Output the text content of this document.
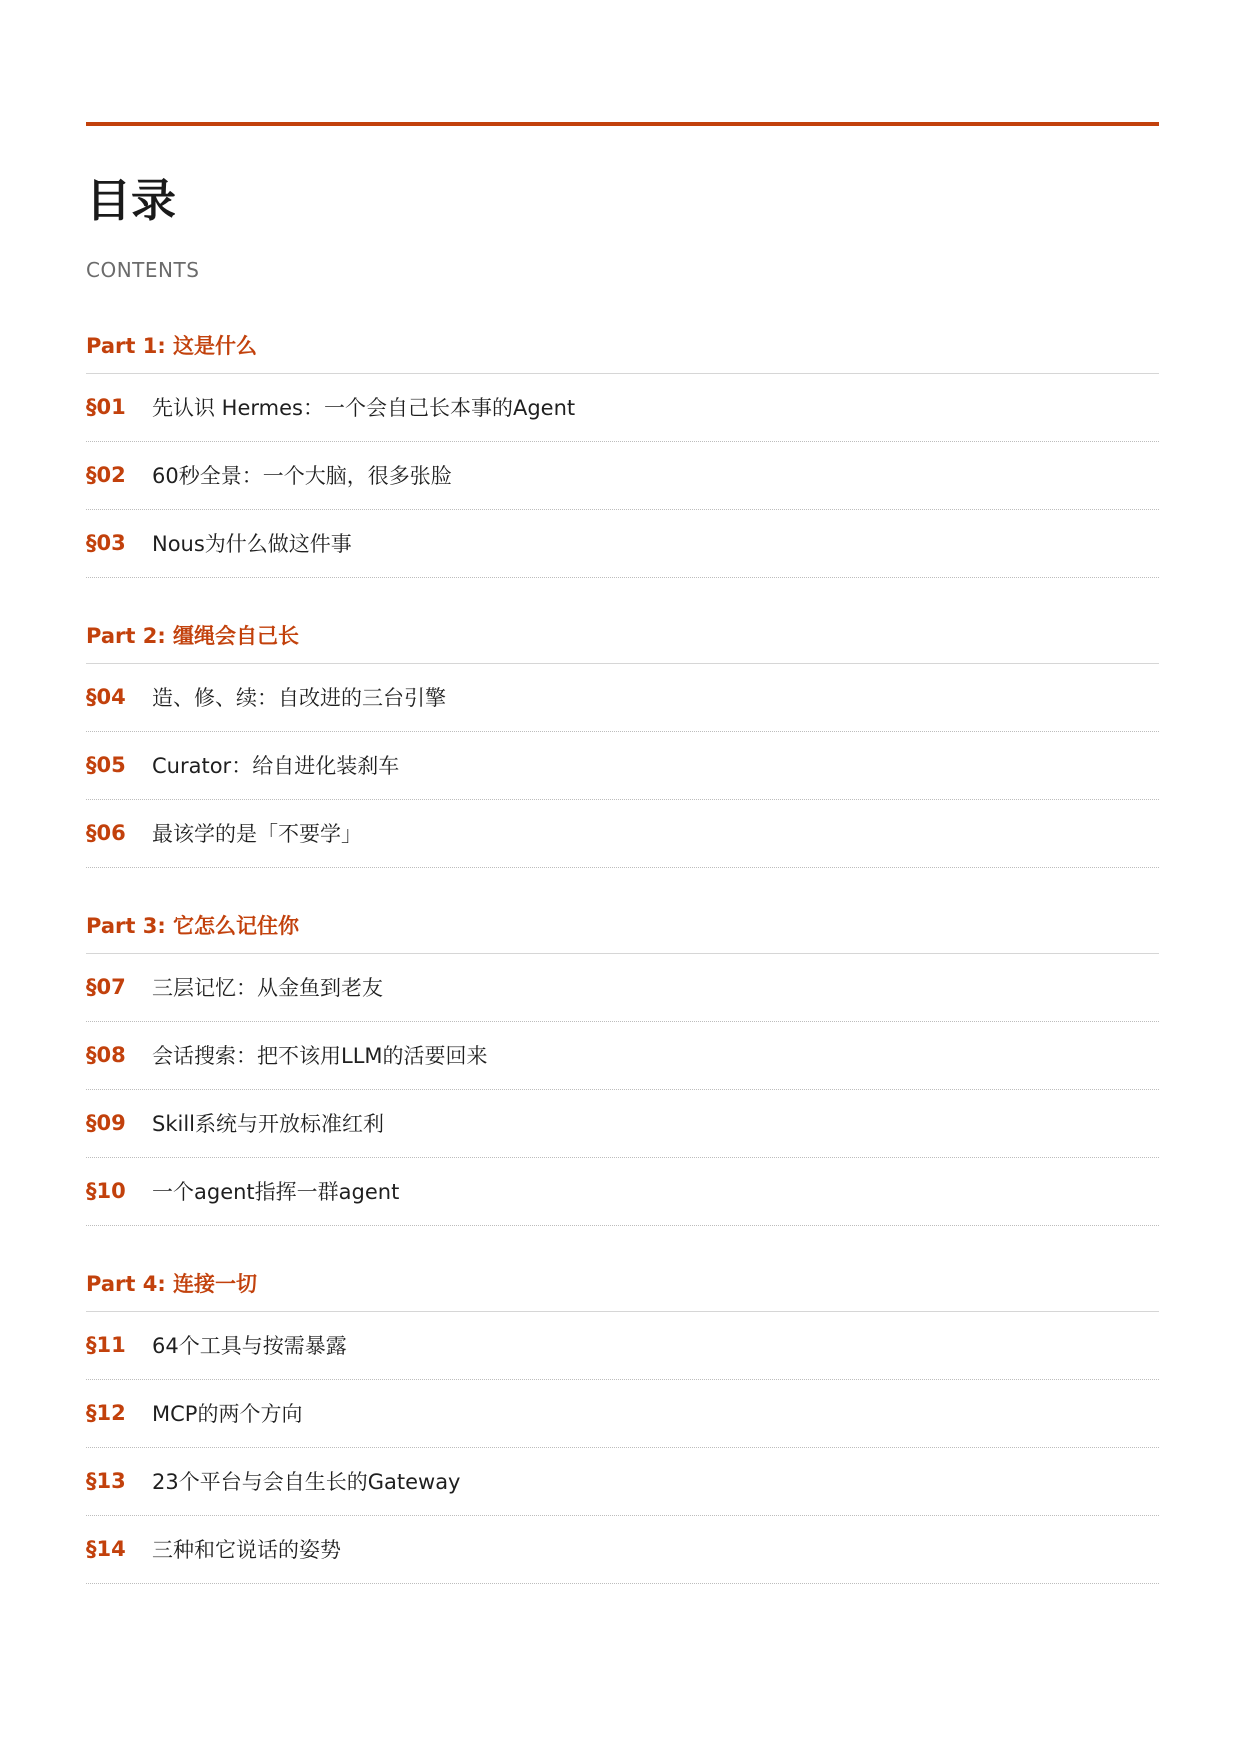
目录
CONTENTS
Part 1: 这是什么
§01	先认识 Hermes：一个会自己长本事的Agent
§02	60秒全景：一个大脑，很多张脸
§03	Nous为什么做这件事
Part 2: 缰绳会自己长
§04	造、修、续：自改进的三台引擎
§05	Curator：给自进化装刹车
§06	最该学的是「不要学」
Part 3: 它怎么记住你
§07	三层记忆：从金鱼到老友
§08	会话搜索：把不该用LLM的活要回来
§09	Skill系统与开放标准红利
§10	一个agent指挥一群agent
Part 4: 连接一切
§11	64个工具与按需暴露
§12	MCP的两个方向
§13	23个平台与会自生长的Gateway
§14	三种和它说话的姿势
